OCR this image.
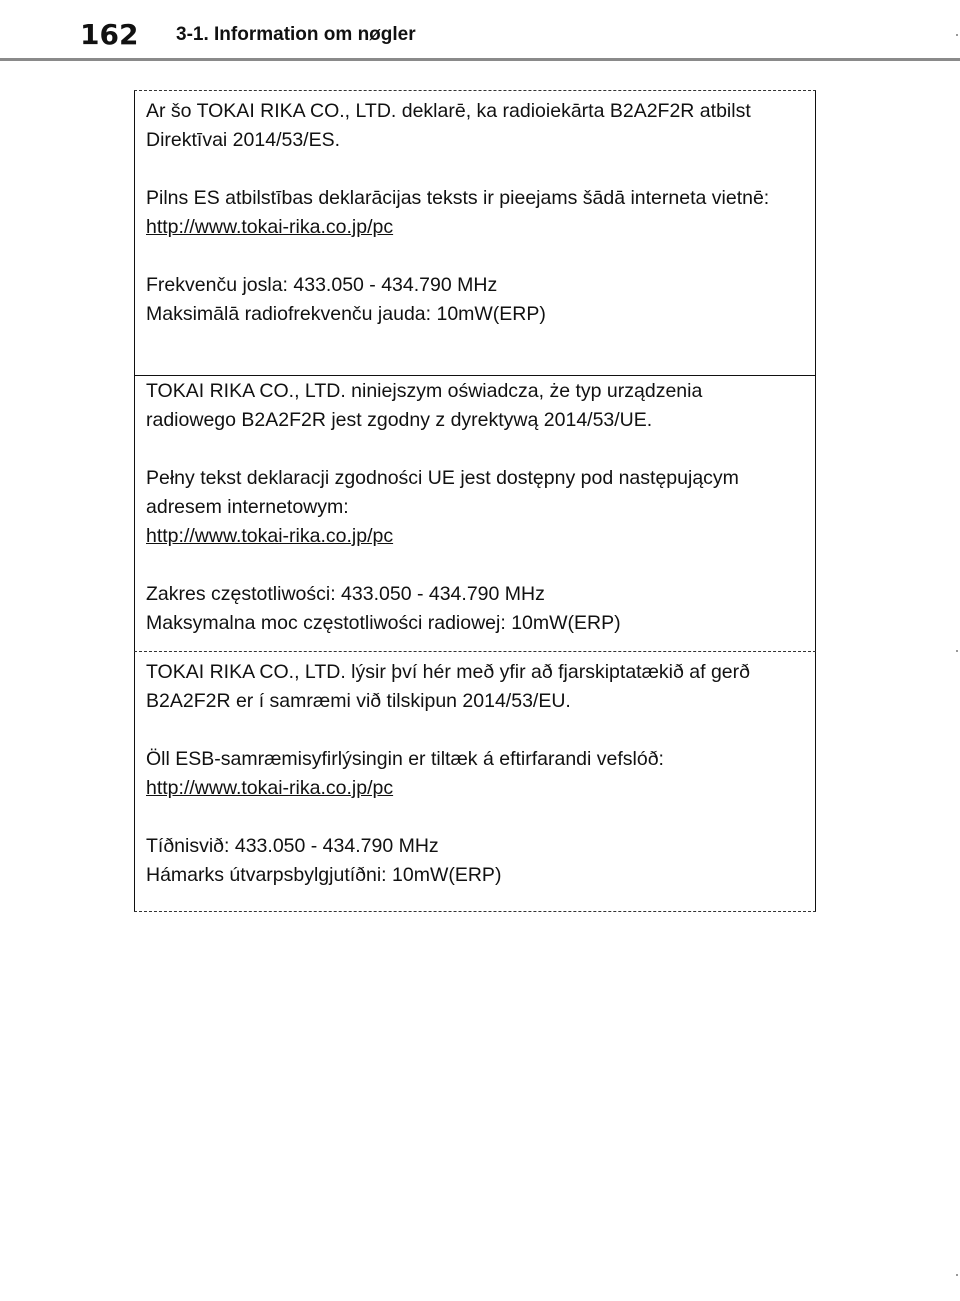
162 3-1. Information om nøgler

Ar šo TOKAI RIKA CO., LTD. deklarē, ka radioiekārta B2A2F2R atbilst Direktīvai 2014/53/ES.

Pilns ES atbilstības deklarācijas teksts ir pieejams šādā interneta vietnē:

http://www.tokai-rika.co.jp/pc

Frekvenču josla: 433.050 - 434.790 MHz

Maksimālā radiofrekvenču jauda: 10mW(ERP)

TOKAI RIKA CO., LTD. niniejszym oświadcza, że typ urządzenia radiowego B2A2F2R jest zgodny z dyrektywą 2014/53/UE.

Pełny tekst deklaracji zgodności UE jest dostępny pod następującym adresem internetowym:

http://www.tokai-rika.co.jp/pc

Zakres częstotliwości: 433.050 - 434.790 MHz

Maksymalna moc częstotliwości radiowej: 10mW(ERP)

TOKAI RIKA CO., LTD. lýsir því hér með yfir að fjarskiptatækið af gerð B2A2F2R er í samræmi við tilskipun 2014/53/EU.

Öll ESB-samræmisyfirlýsingin er tiltæk á eftirfarandi vefslóð:

http://www.tokai-rika.co.jp/pc

Tíðnisvið: 433.050 - 434.790 MHz

Hámarks útvarpsbylgjutíðni: 10mW(ERP)
